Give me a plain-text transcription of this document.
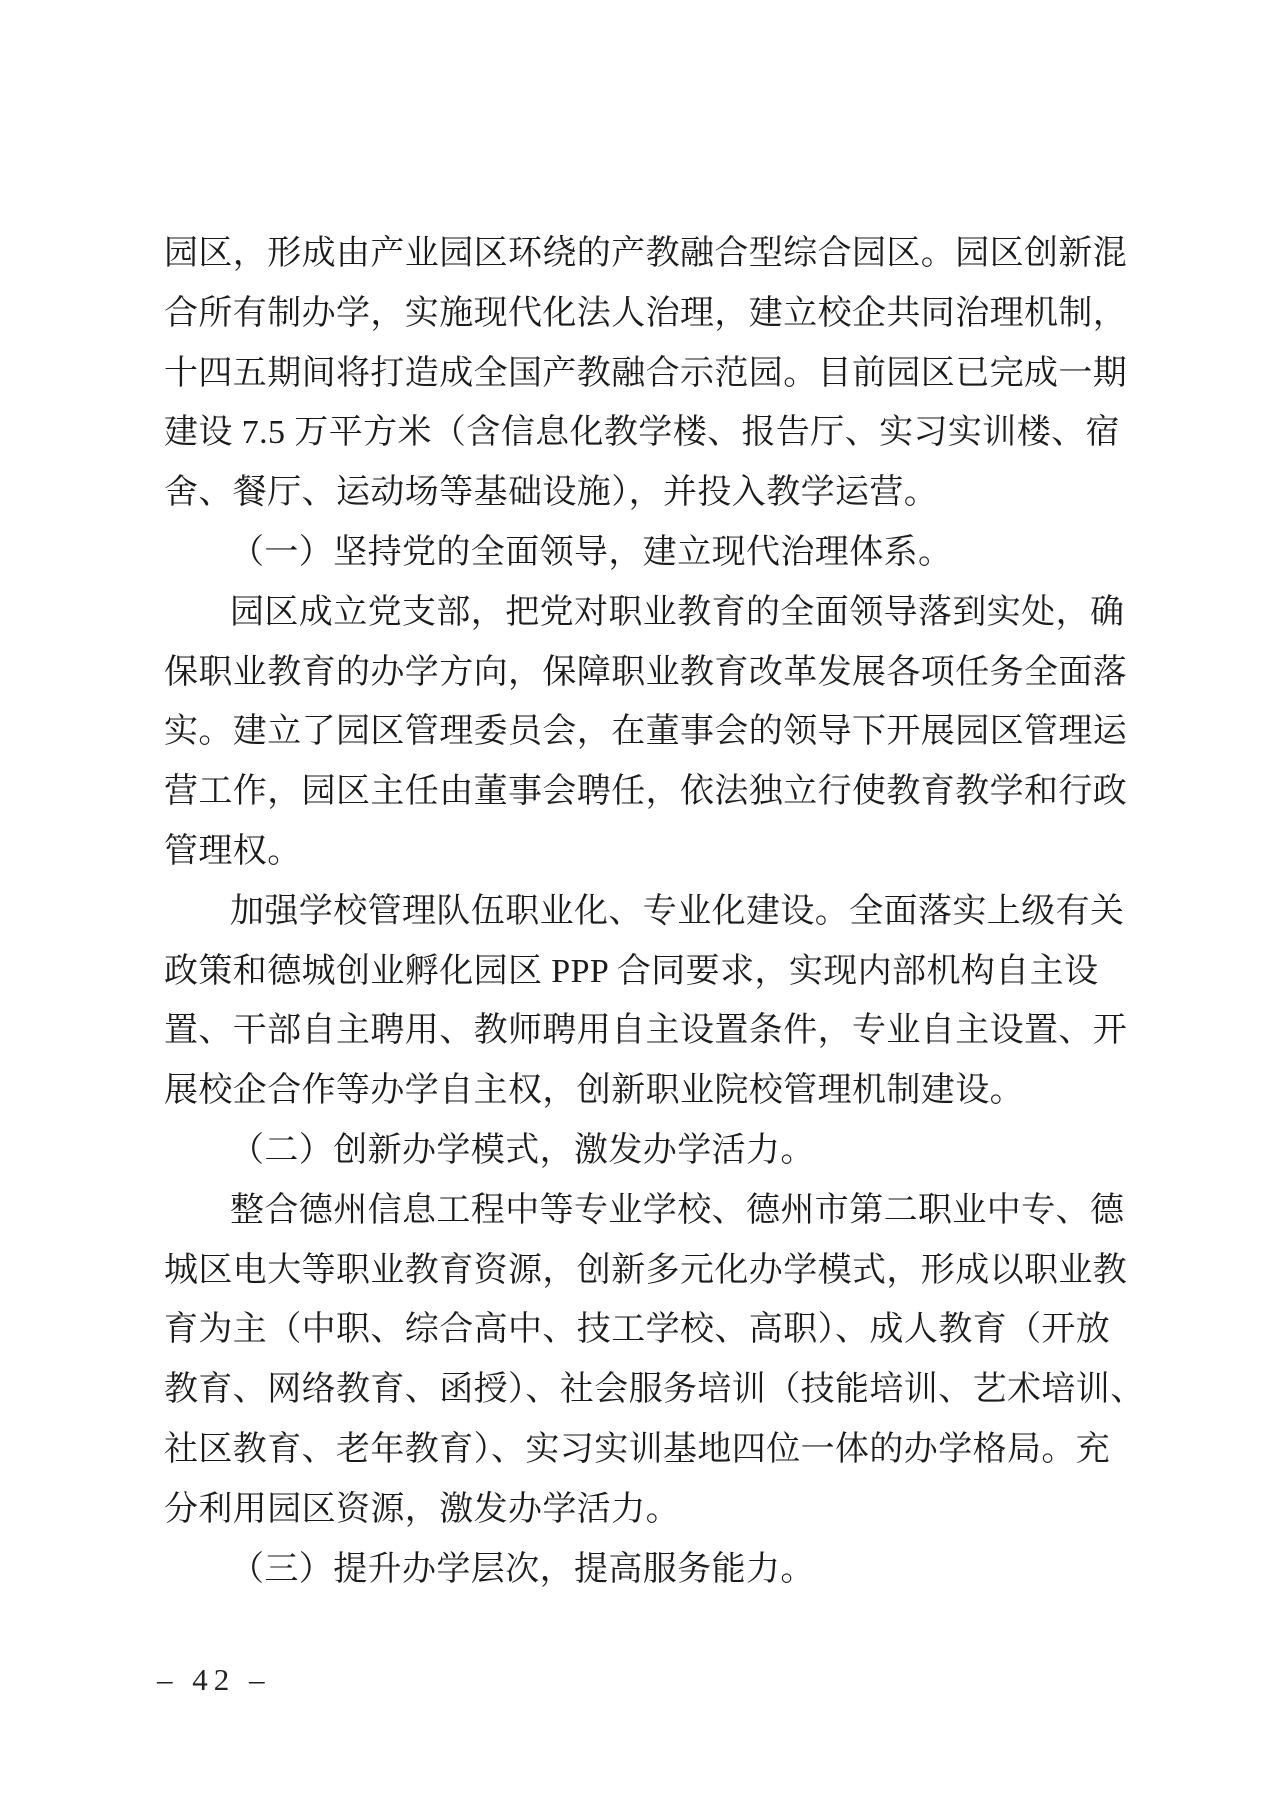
园区，形成由产业园区环绕的产教融合型综合园区。园区创新混
合所有制办学，实施现代化法人治理，建立校企共同治理机制，
十四五期间将打造成全国产教融合示范园。目前园区已完成一期
建设 7.5 万平方米（含信息化教学楼、报告厅、实习实训楼、宿
舍、餐厅、运动场等基础设施），并投入教学运营。
（一）坚持党的全面领导，建立现代治理体系。
园区成立党支部，把党对职业教育的全面领导落到实处，确
保职业教育的办学方向，保障职业教育改革发展各项任务全面落
实。建立了园区管理委员会，在董事会的领导下开展园区管理运
营工作，园区主任由董事会聘任，依法独立行使教育教学和行政
管理权。
加强学校管理队伍职业化、专业化建设。全面落实上级有关
政策和德城创业孵化园区 PPP 合同要求，实现内部机构自主设
置、干部自主聘用、教师聘用自主设置条件，专业自主设置、开
展校企合作等办学自主权，创新职业院校管理机制建设。
（二）创新办学模式，激发办学活力。
整合德州信息工程中等专业学校、德州市第二职业中专、德
城区电大等职业教育资源，创新多元化办学模式，形成以职业教
育为主（中职、综合高中、技工学校、高职）、成人教育（开放
教育、网络教育、函授）、社会服务培训（技能培训、艺术培训、
社区教育、老年教育）、实习实训基地四位一体的办学格局。充
分利用园区资源，激发办学活力。
（三）提升办学层次，提高服务能力。
– 42 –
